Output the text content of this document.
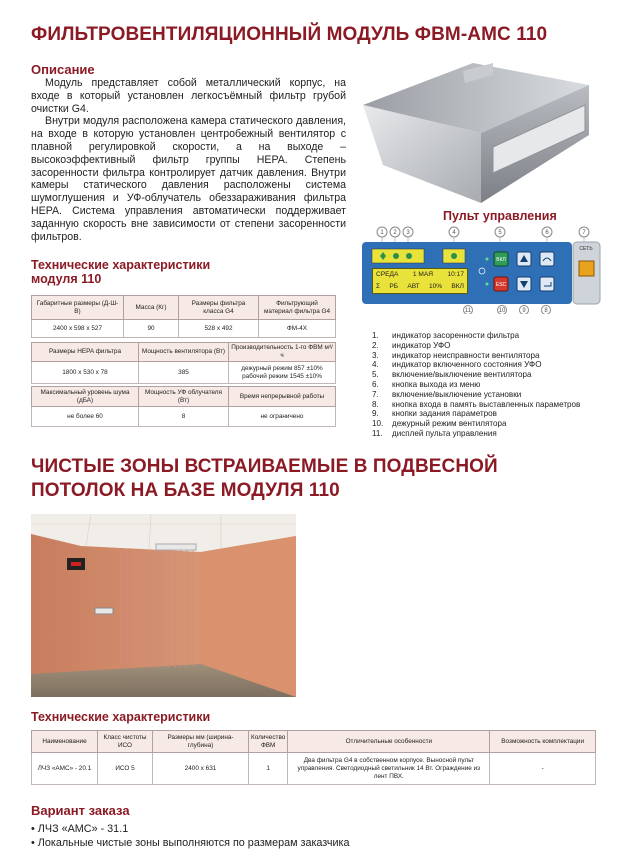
ФИЛЬТРОВЕНТИЛЯЦИОННЫЙ МОДУЛЬ ФВМ-АМС 110
Описание

Модуль представляет собой металлический корпус, на входе в который установлен легкосъёмный фильтр грубой очистки G4.

Внутри модуля расположена камера статического давления, на входе в которую установлен центробежный вентилятор с плавной регулировкой скорости, а на выходе – высокоэффективный фильтр группы HEPA. Степень засоренности фильтра контролирует датчик давления. Внутри камеры статического давления расположены система шумоглушения и УФ-облучатель обеззараживания фильтра HEPA. Система управления автоматически поддерживает заданную скорость вне зависимости от степени засоренности фильтров.

Пульт управления
1 2 3	4	5	6	7
8
9
10
11
СЕТЬ
ВКЛ
ESC
СРЕДА 1 МАЯ 10:17
Σ РБ АВТ 10% ВКЛ
1.	индикатор засоренности фильтра
2.	индикатор УФО
3.	индикатор неисправности вентилятора
4.	индикатор включенного состояния УФО
5.	включение/выключение вентилятора
6.	кнопка выхода из меню
7.	включение/выключение установки
8.	кнопка входа в память выставленных параметров
9.	кнопки задания параметров
10.	дежурный режим вентилятора
11.	дисплей пульта управления
Технические характеристики
модуля 110
Габаритные размеры (Д-Ш-В)	Масса (Кг)	Размеры фильтра класса G4	Фильтрующий материал фильтра G4
2400 x 598 x 527	90	528 x 492	ФМ-4Х
Размеры HEPA фильтра	Мощность вентилятора (Вт)	Производительность 1-го ФВМ м³/ч
1800 x 530 x 78	385	дежурный режим 857 ±10% рабочий режим 1545 ±10%
Максимальный уровень шума (дБА)	Мощность УФ облучателя (Вт)	Время непрерывной работы
не более 60	8	не ограничено
ЧИСТЫЕ ЗОНЫ ВСТРАИВАЕМЫЕ В ПОДВЕСНОЙ
ПОТОЛОК НА БАЗЕ МОДУЛЯ 110
Технические характеристики
Наименование	Класс чистоты ИСО	Размеры мм (ширина-глубина)	Количество ФВМ	Отличительные особенности	Возможность комплектации
ЛЧЗ «АМС» - 20.1	ИСО 5	2400 x 631	1	Два фильтра G4 в собственном корпусе. Выносной пульт управления. Светодиодный светильник 14 Вт. Ограждение из лент ПВХ.	-
Вариант заказа
• ЛЧЗ «АМС» - 31.1
• Локальные чистые зоны выполняются по размерам заказчика
